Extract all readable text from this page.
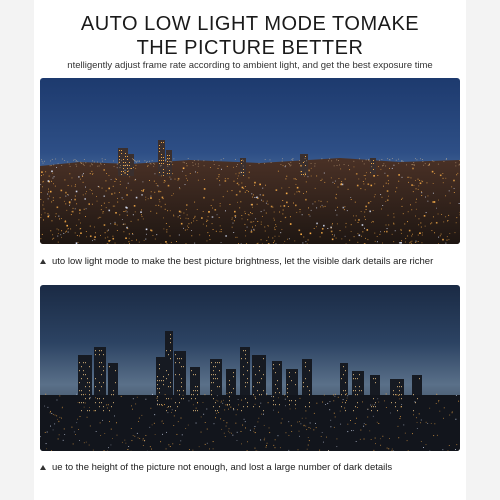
AUTO LOW LIGHT MODE TOMAKE
THE PICTURE BETTER
ntelligently adjust frame rate according to ambient light, and get the best exposure time
uto low light mode to make the best picture brightness, let the visible dark details are richer
ue to the height of the picture not enough, and lost a large number of dark details
